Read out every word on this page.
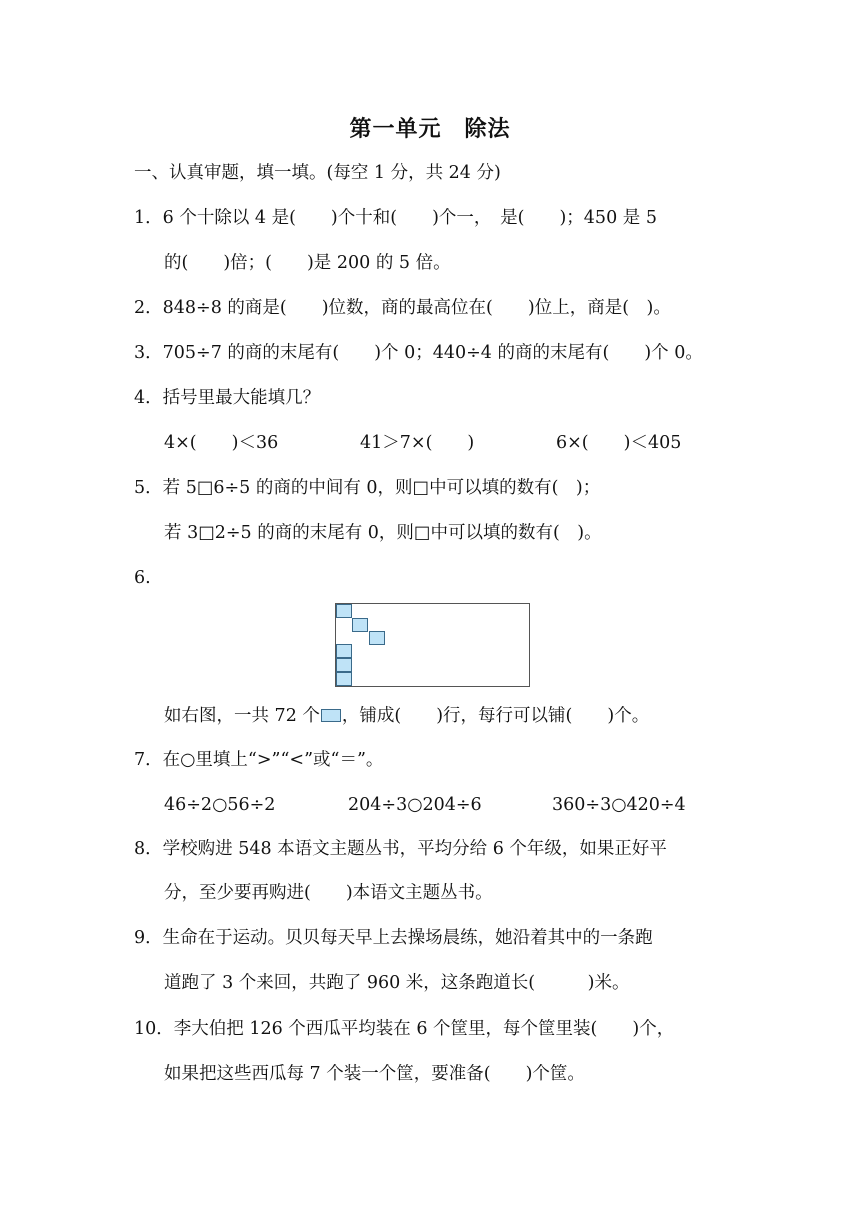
第一单元　除法
一、认真审题，填一填。(每空 1 分，共 24 分)
1．6 个十除以 4 是(　　)个十和(　　)个一，　是(　　)；450 是 5
的(　　)倍；(　　)是 200 的 5 倍。
2．848÷8 的商是(　　)位数，商的最高位在(　　)位上，商是(　)。
3．705÷7 的商的末尾有(　　)个 0；440÷4 的商的末尾有(　　)个 0。
4．括号里最大能填几？
4×(　　)＜36	41＞7×(　　)	6×(　　)＜405
5．若 5□6÷5 的商的中间有 0，则□中可以填的数有(　)；
若 3□2÷5 的商的末尾有 0，则□中可以填的数有(　)。
6.
如右图，一共 72 个 ，铺成(　　)行，每行可以铺(　　)个。
7．在○里填上“>”“<”或“＝”。
46÷2○56÷2	204÷3○204÷6	360÷3○420÷4
8．学校购进 548 本语文主题丛书，平均分给 6 个年级，如果正好平
分，至少要再购进(　　)本语文主题丛书。
9．生命在于运动。贝贝每天早上去操场晨练，她沿着其中的一条跑
道跑了 3 个来回，共跑了 960 米，这条跑道长(　　　)米。
10．李大伯把 126 个西瓜平均装在 6 个筐里，每个筐里装(　　)个，
如果把这些西瓜每 7 个装一个筐，要准备(　　)个筐。
